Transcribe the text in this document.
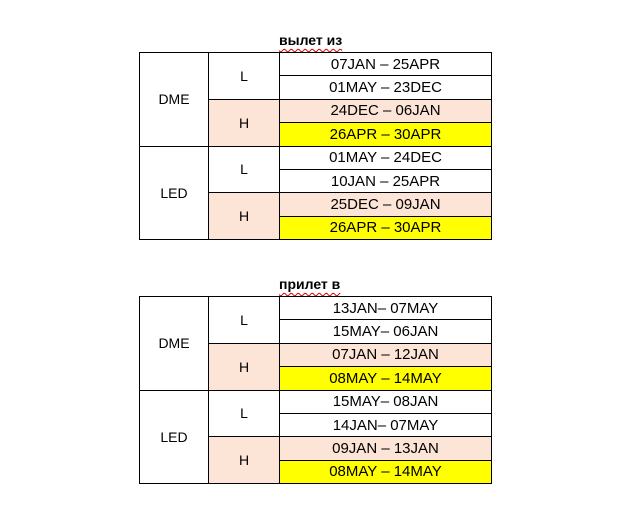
вылет из
DME	L	07JAN – 25APR
		01MAY – 23DEC
	H	24DEC – 06JAN
		26APR – 30APR
LED	L	01MAY – 24DEC
		10JAN – 25APR
	H	25DEC – 09JAN
		26APR – 30APR
прилет в
DME	L	13JAN– 07MAY
		15MAY– 06JAN
	H	07JAN – 12JAN
		08MAY – 14MAY
LED	L	15MAY– 08JAN
		14JAN– 07MAY
	H	09JAN – 13JAN
		08MAY – 14MAY
